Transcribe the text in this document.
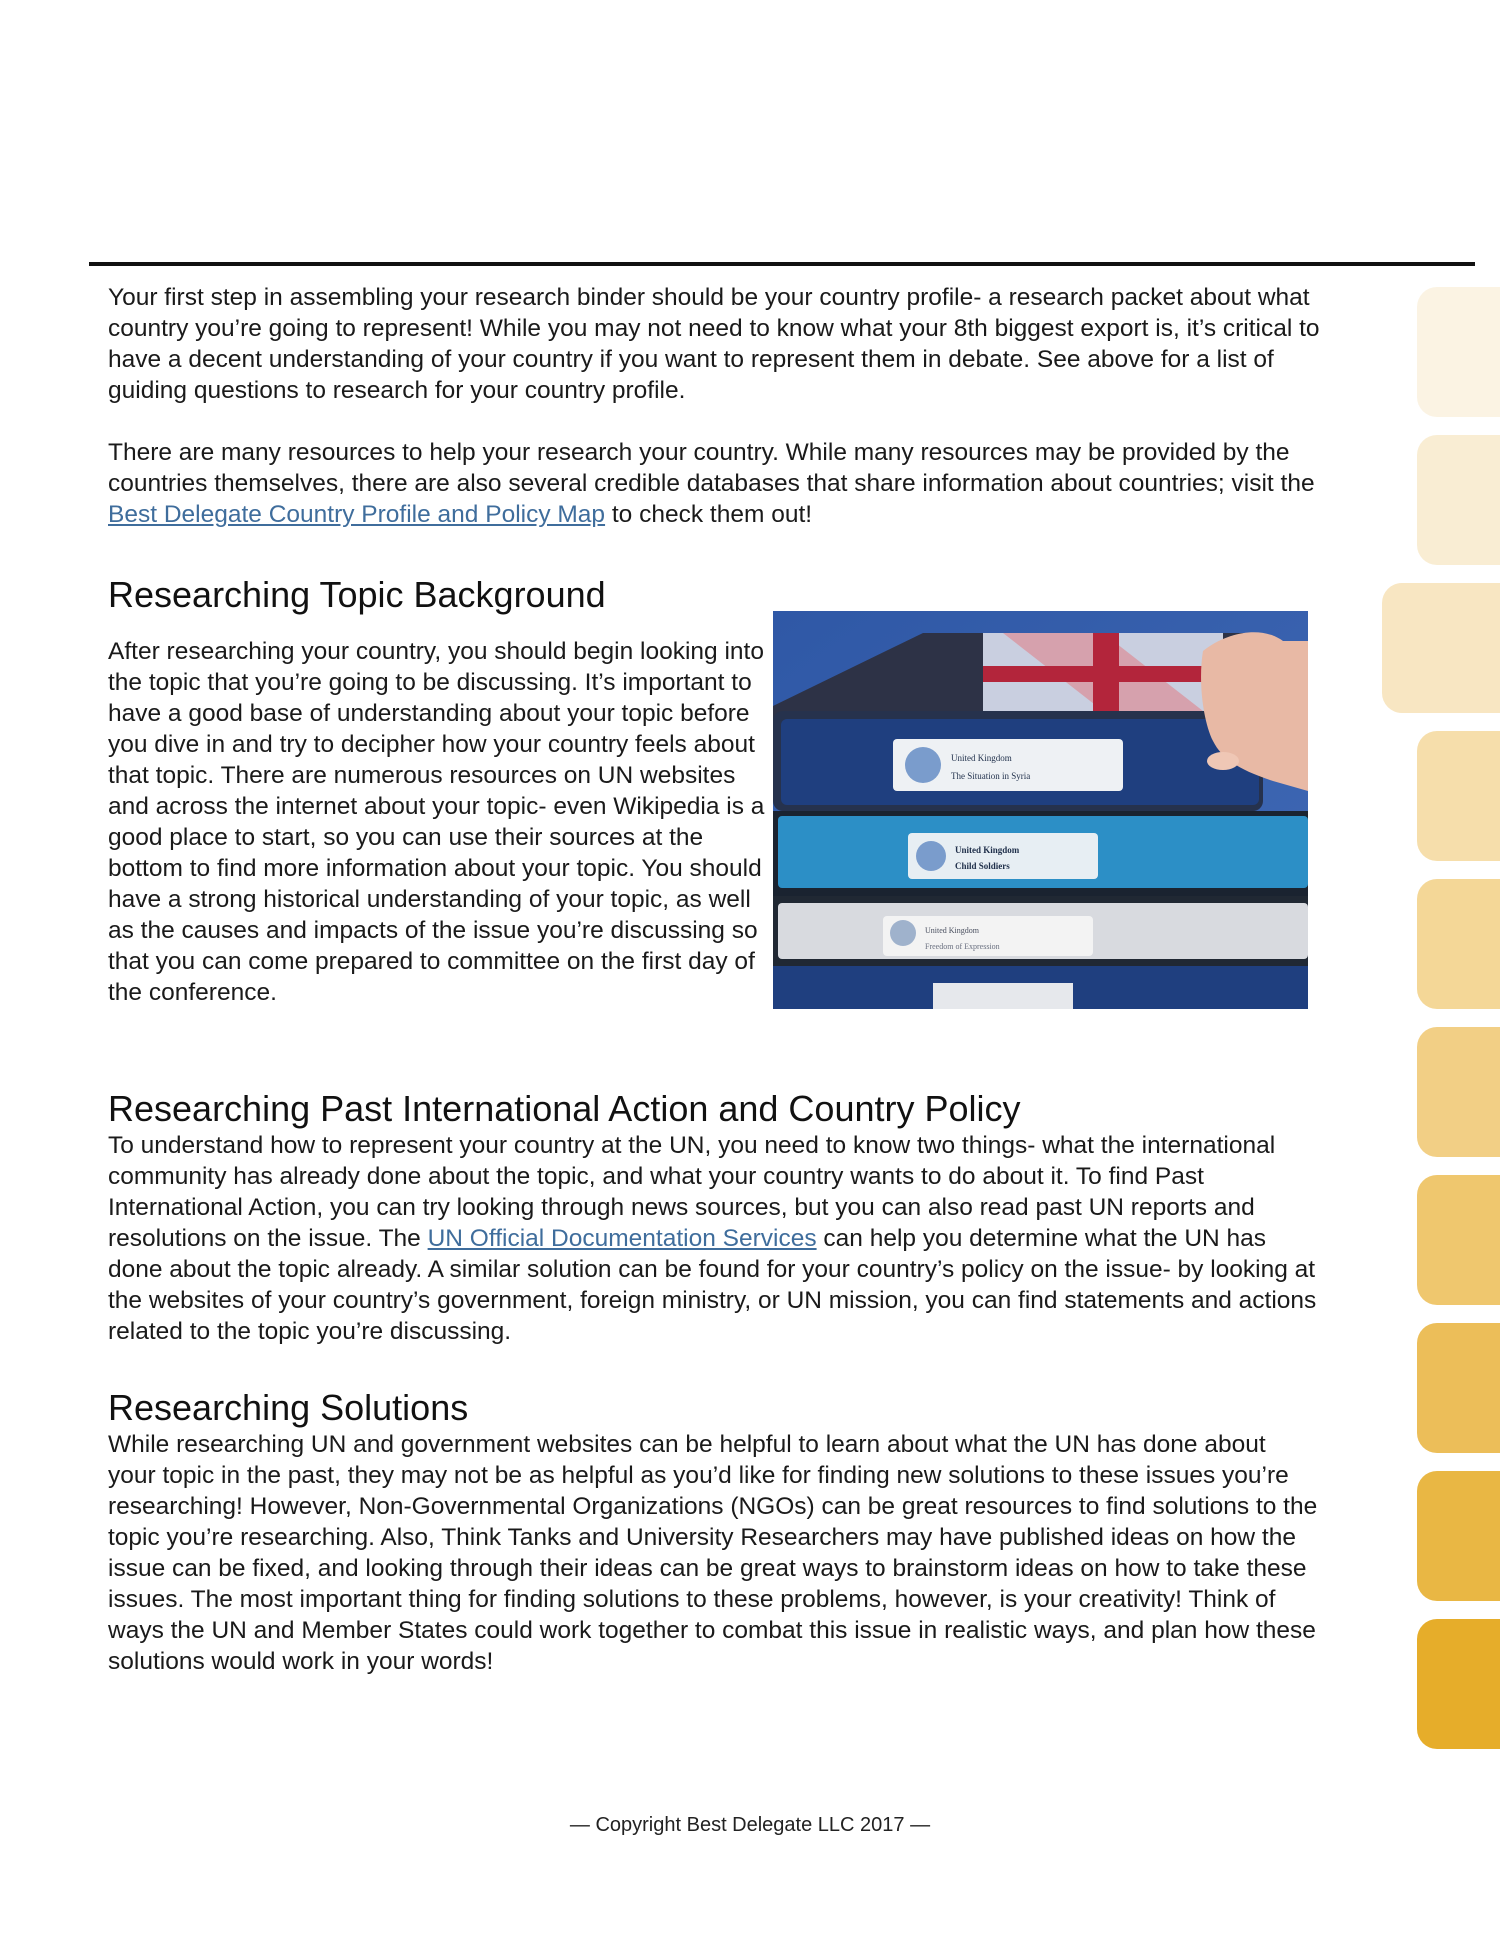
Your first step in assembling your research binder should be your country profile- a research packet about what country you’re going to represent! While you may not need to know what your 8th biggest export is, it’s critical to have a decent understanding of your country if you want to represent them in debate. See above for a list of guiding questions to research for your country profile.

There are many resources to help your research your country. While many resources may be provided by the countries themselves, there are also several credible databases that share information about countries; visit the Best Delegate Country Profile and Policy Map to check them out!

Researching Topic Background

After researching your country, you should begin looking into the topic that you’re going to be discussing. It’s important to have a good base of understanding about your topic before you dive in and try to decipher how your country feels about that topic. There are numerous resources on UN websites and across the internet about your topic- even Wikipedia is a good place to start, so you can use their sources at the bottom to find more information about your topic. You should have a strong historical understanding of your topic, as well as the causes and impacts of the issue you’re discussing so that you can come prepared to committee on the first day of the conference.

United Kingdom
The Situation in Syria
United Kingdom
Child Soldiers
United Kingdom
Freedom of Expression
Researching Past International Action and Country Policy

To understand how to represent your country at the UN, you need to know two things- what the international community has already done about the topic, and what your country wants to do about it. To find Past International Action, you can try looking through news sources, but you can also read past UN reports and resolutions on the issue. The UN Official Documentation Services can help you determine what the UN has done about the topic already. A similar solution can be found for your country’s policy on the issue- by looking at the websites of your country’s government, foreign ministry, or UN mission, you can find statements and actions related to the topic you’re discussing.

Researching Solutions

While researching UN and government websites can be helpful to learn about what the UN has done about your topic in the past, they may not be as helpful as you’d like for finding new solutions to these issues you’re researching! However, Non-Governmental Organizations (NGOs) can be great resources to find solutions to the topic you’re researching. Also, Think Tanks and University Researchers may have published ideas on how the issue can be fixed, and looking through their ideas can be great ways to brainstorm ideas on how to take these issues. The most important thing for finding solutions to these problems, however, is your creativity! Think of ways the UN and Member States could work together to combat this issue in realistic ways, and plan how these solutions would work in your words!

— Copyright Best Delegate LLC 2017 —
